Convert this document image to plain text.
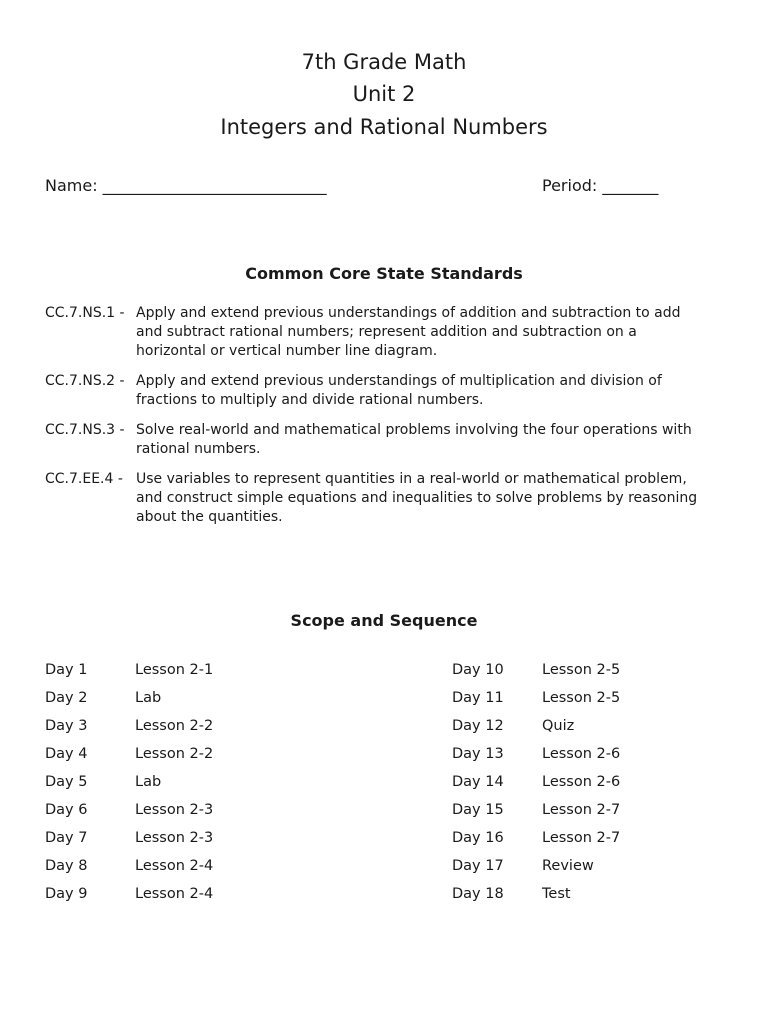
7th Grade Math
Unit 2
Integers and Rational Numbers
Name: ____________________________	Period: _______
Common Core State Standards
CC.7.NS.1 - Apply and extend previous understandings of addition and subtraction to add and subtract rational numbers; represent addition and subtraction on a horizontal or vertical number line diagram.
CC.7.NS.2 - Apply and extend previous understandings of multiplication and division of fractions to multiply and divide rational numbers.
CC.7.NS.3 - Solve real-world and mathematical problems involving the four operations with rational numbers.
CC.7.EE.4 - Use variables to represent quantities in a real-world or mathematical problem, and construct simple equations and inequalities to solve problems by reasoning about the quantities.
Scope and Sequence
Day 1	Lesson 2-1
Day 2	Lab
Day 3	Lesson 2-2
Day 4	Lesson 2-2
Day 5	Lab
Day 6	Lesson 2-3
Day 7	Lesson 2-3
Day 8	Lesson 2-4
Day 9	Lesson 2-4
Day 10	Lesson 2-5
Day 11	Lesson 2-5
Day 12	Quiz
Day 13	Lesson 2-6
Day 14	Lesson 2-6
Day 15	Lesson 2-7
Day 16	Lesson 2-7
Day 17	Review
Day 18	Test
